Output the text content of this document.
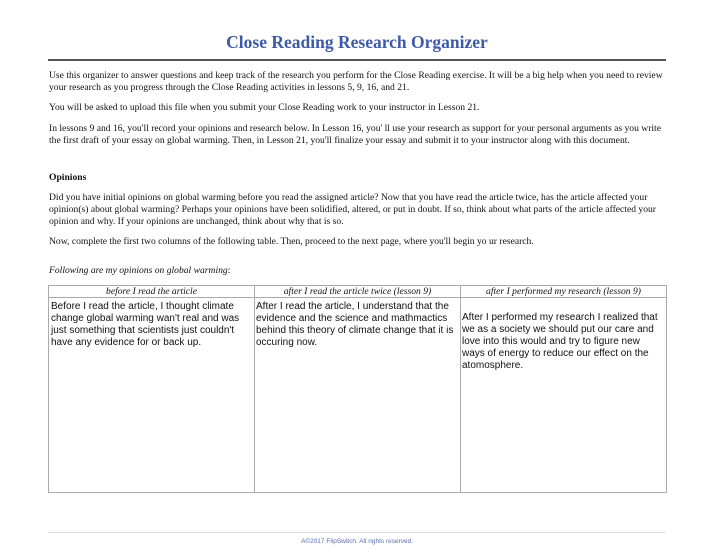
Close Reading Research Organizer

Use this organizer to answer questions and keep track of the research you perform for the Close Reading exercise. It will be a big help when you need to review your research as you progress through the Close Reading activities in lessons 5, 9, 16, and 21.

You will be asked to upload this file when you submit your Close Reading work to your instructor in Lesson 21.

In lessons 9 and 16, you'll record your opinions and research below. In Lesson 16, you' ll use your research as support for your personal arguments as you write the first draft of your essay on global warming. Then, in Lesson 21, you'll finalize your essay and submit it to your instructor along with this document.

Opinions

Did you have initial opinions on global warming before you read the assigned article? Now that you have read the article twice, has the article affected your opinion(s) about global warming? Perhaps your opinions have been solidified, altered, or put in doubt. If so, think about what parts of the article affected your opinion and why. If your opinions are unchanged, think about why that is so.

Now, complete the first two columns of the following table. Then, proceed to the next page, where you'll begin yo ur research.

Following are my opinions on global warming:

before I read the article	after I read the article twice (lesson 9)	after I performed my research (lesson 9)

Before I read the article, I thought climate change global warming wan't real and was just something that scientists just couldn't have any evidence for or back up.	After I read the article, I understand that the evidence and the science and mathmactics behind this theory of climate change that it is occuring now.	After I performed my research I realized that we as a society we should put our care and love into this would and try to figure new ways of energy to reduce our effect on the atomosphere.
A©2017 FlipSwitch. All rights reserved.
